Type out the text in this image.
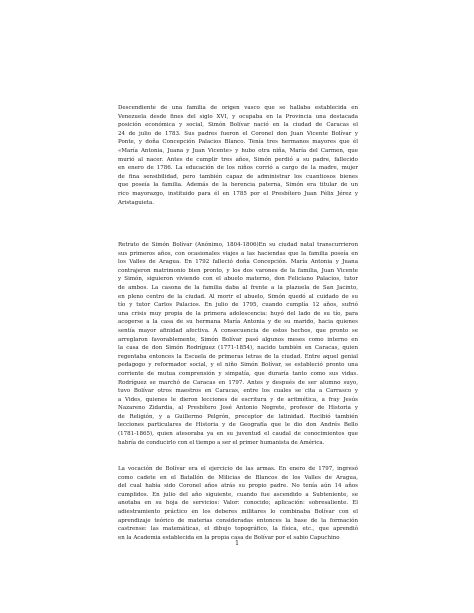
Descendiente de una familia de origen vasco que se hallaba establecida en
Venezuela desde fines del siglo XVI, y ocupaba en la Provincia una destacada
posición económica y social, Simón Bolívar nació en la ciudad de Caracas el
24 de julio de 1783. Sus padres fueron el Coronel don Juan Vicente Bolívar y
Ponte, y doña Concepción Palacios Blanco. Tenía tres hermanos mayores que él
«María Antonia, Juana y Juan Vicente» y hubo otra niña, María del Carmen, que
murió al nacer. Antes de cumplir tres años, Simón perdió a su padre, fallecido
en enero de 1786. La educación de los niños corrió a cargo de la madre, mujer
de fina sensibilidad, pero también capaz de administrar los cuantiosos bienes
que poseía la familia. Además de la herencia paterna, Simón era titular de un
rico mayorazgo, instituido para él en 1785 por el Presbítero Juan Félix Jérez y
Aristaguieta.
Retrato de Simón Bolívar (Anónimo, 1804-1806)En su ciudad natal transcurrieron
sus primeros años, con ocasionales viajes a las haciendas que la familia poseía en
los Valles de Aragua. En 1792 falleció doña Concepción. María Antonia y Juana
contrajeron matrimonio bien pronto, y los dos varones de la familia, Juan Vicente
y Simón, siguieron viviendo con el abuelo materno, don Feliciano Palacios, tutor
de ambos. La casona de la familia daba al frente a la plazuela de San Jacinto,
en pleno centro de la ciudad. Al morir el abuelo, Simón quedó al cuidado de su
tío y tutor Carlos Palacios. En julio de 1795, cuando cumplía 12 años, sufrió
una crisis muy propia de la primera adolescencia: huyó del lado de su tío, para
acogerse a la casa de su hermana María Antonia y de su marido, hacia quienes
sentía mayor afinidad afectiva. A consecuencia de estos hechos, que pronto se
arreglaron favorablemente, Simón Bolívar pasó algunos meses como interno en
la casa de don Simón Rodríguez (1771-1854), nacido también en Caracas, quien
regentaba entonces la Escuela de primeras letras de la ciudad. Entre aquel genial
pedagogo y reformador social, y el niño Simón Bolívar, se estableció pronto una
corriente de mutua comprensión y simpatía, que duraría tanto como sus vidas.
Rodríguez se marchó de Caracas en 1797. Antes y después de ser alumno suyo,
tuvo Bolívar otros maestros en Caracas, entre los cuales se cita a Carrasco y
a Vides, quienes le dieron lecciones de escritura y de aritmética, a fray Jesús
Nazareno Zidardia, al Presbítero José Antonio Negrete, profesor de Historia y
de Religión, y a Guillermo Pelgrón, preceptor de latinidad. Recibió también
lecciones particulares de Historia y de Geografía que le dio don Andrés Bello
(1781-1865), quien atesoraba ya en su juventud el caudal de conocimientos que
habría de conducirlo con el tiempo a ser el primer humanista de América.
La vocación de Bolívar era el ejercicio de las armas. En enero de 1797, ingresó
como cadete en el Batallón de Milicias de Blancos de los Valles de Aragua,
del cual había sido Coronel años atrás su propio padre. No tenía aún 14 años
cumplidos. En julio del año siguiente, cuando fue ascendido a Subteniente, se
anotaba en su hoja de servicios: Valor: conocido; aplicación: sobresaliente. El
adiestramiento práctico en los deberes militares lo combinaba Bolívar con el
aprendizaje teórico de materias consideradas entonces la base de la formación
castrense: las matemáticas, el dibujo topográfico, la física, etc., que aprendió
en la Academia establecida en la propia casa de Bolívar por el sabio Capuchino
1
